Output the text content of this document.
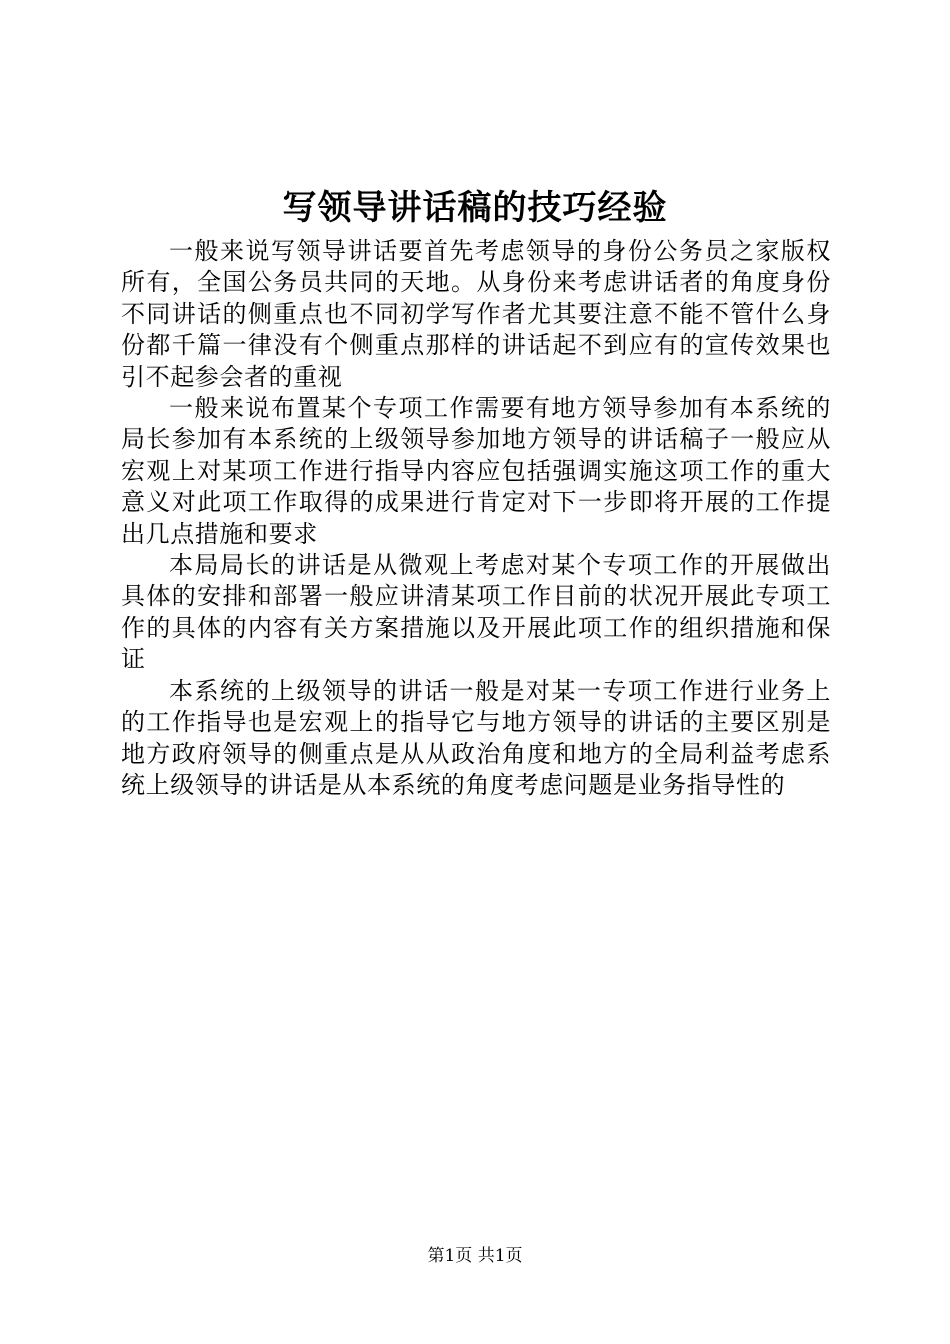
写领导讲话稿的技巧经验

一般来说写领导讲话要首先考虑领导的身份公务员之家版权所有，全国公务员共同的天地。从身份来考虑讲话者的角度身份不同讲话的侧重点也不同初学写作者尤其要注意不能不管什么身份都千篇一律没有个侧重点那样的讲话起不到应有的宣传效果也引不起参会者的重视

一般来说布置某个专项工作需要有地方领导参加有本系统的局长参加有本系统的上级领导参加地方领导的讲话稿子一般应从宏观上对某项工作进行指导内容应包括强调实施这项工作的重大意义对此项工作取得的成果进行肯定对下一步即将开展的工作提出几点措施和要求

本局局长的讲话是从微观上考虑对某个专项工作的开展做出具体的安排和部署一般应讲清某项工作目前的状况开展此专项工作的具体的内容有关方案措施以及开展此项工作的组织措施和保证

本系统的上级领导的讲话一般是对某一专项工作进行业务上的工作指导也是宏观上的指导它与地方领导的讲话的主要区别是地方政府领导的侧重点是从从政治角度和地方的全局利益考虑系统上级领导的讲话是从本系统的角度考虑问题是业务指导性的

第1页 共1页
